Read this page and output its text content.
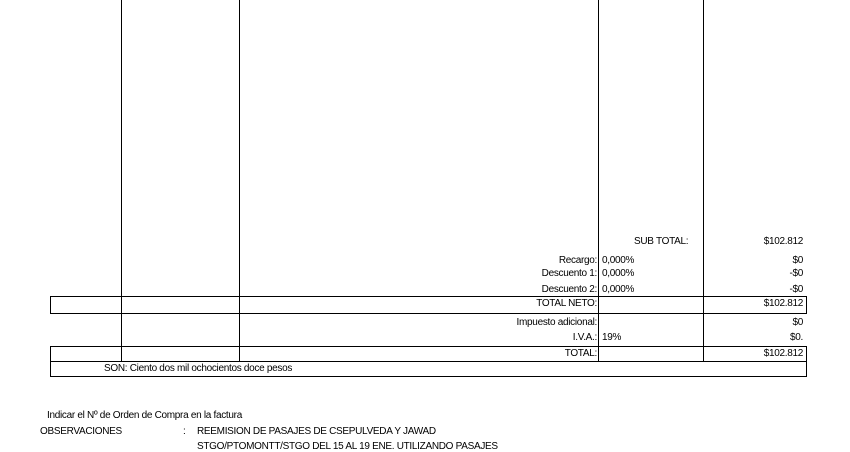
SUB TOTAL:	$102.812
Recargo: 0,000%	$0
Descuento 1: 0,000%	-$0
Descuento 2: 0,000%	-$0
TOTAL NETO:	$102.812
Impuesto adicional:	$0
I.V.A.: 19%	$0.
TOTAL:	$102.812
SON: Ciento dos mil ochocientos doce pesos
Indicar el Nº de Orden de Compra en la factura
OBSERVACIONES	: REEMISION DE PASAJES DE CSEPULVEDA Y JAWAD
STGO/PTOMONTT/STGO DEL 15 AL 19 ENE. UTILIZANDO PASAJES
